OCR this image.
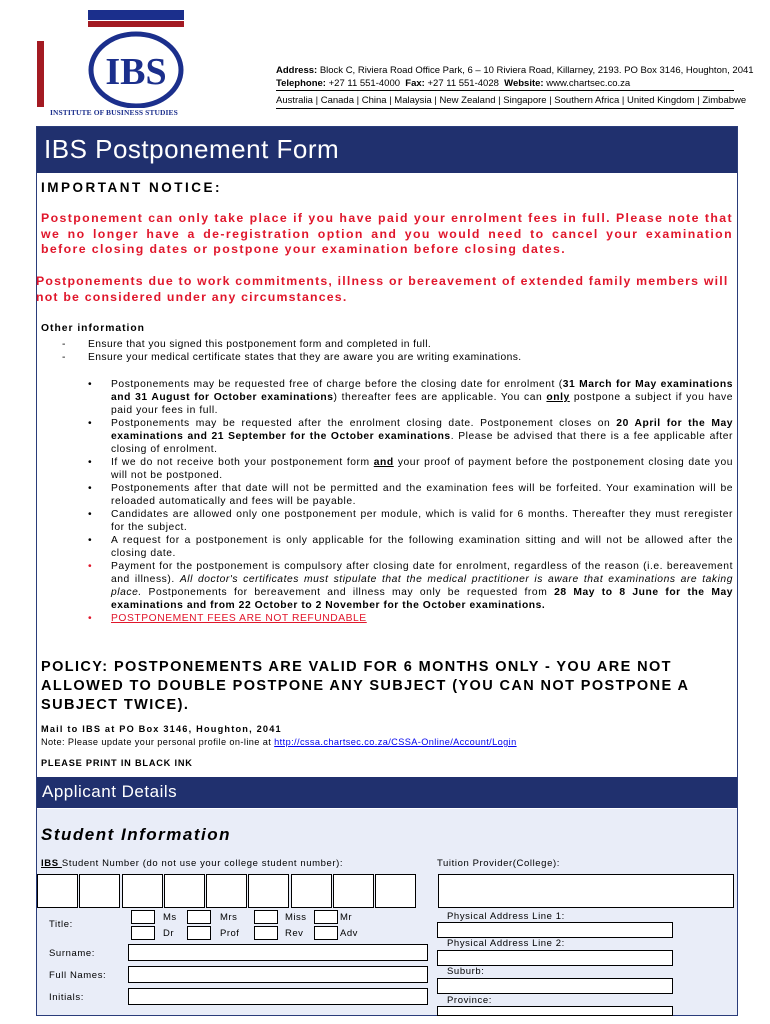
IBS
INSTITUTE OF BUSINESS STUDIES
Address: Block C, Riviera Road Office Park, 6 – 10 Riviera Road, Killarney, 2193. PO Box 3146, Houghton, 2041
Telephone: +27 11 551-4000 Fax: +27 11 551-4028 Website: www.chartsec.co.za
Australia | Canada | China | Malaysia | New Zealand | Singapore | Southern Africa | United Kingdom | Zimbabwe
IBS Postponement Form
IMPORTANT NOTICE:
Postponement can only take place if you have paid your enrolment fees in full. Please note that we no longer have a de-registration option and you would need to cancel your examination before closing dates or postpone your examination before closing dates.
Postponements due to work commitments, illness or bereavement of extended family members will not be considered under any circumstances.
Other information
- Ensure that you signed this postponement form and completed in full.
- Ensure your medical certificate states that they are aware you are writing examinations.
• Postponements may be requested free of charge before the closing date for enrolment (31 March for May examinations and 31 August for October examinations) thereafter fees are applicable. You can only postpone a subject if you have paid your fees in full.
• Postponements may be requested after the enrolment closing date. Postponement closes on 20 April for the May examinations and 21 September for the October examinations. Please be advised that there is a fee applicable after closing of enrolment.
• If we do not receive both your postponement form and your proof of payment before the postponement closing date you will not be postponed.
• Postponements after that date will not be permitted and the examination fees will be forfeited. Your examination will be reloaded automatically and fees will be payable.
• Candidates are allowed only one postponement per module, which is valid for 6 months. Thereafter they must reregister for the subject.
• A request for a postponement is only applicable for the following examination sitting and will not be allowed after the closing date.
• Payment for the postponement is compulsory after closing date for enrolment, regardless of the reason (i.e. bereavement and illness). All doctor's certificates must stipulate that the medical practitioner is aware that examinations are taking place. Postponements for bereavement and illness may only be requested from 28 May to 8 June for the May examinations and from 22 October to 2 November for the October examinations.
• POSTPONEMENT FEES ARE NOT REFUNDABLE
POLICY: POSTPONEMENTS ARE VALID FOR 6 MONTHS ONLY - YOU ARE NOT ALLOWED TO DOUBLE POSTPONE ANY SUBJECT (YOU CAN NOT POSTPONE A SUBJECT TWICE).
Mail to IBS at PO Box 3146, Houghton, 2041
Note: Please update your personal profile on-line at http://cssa.chartsec.co.za/CSSA-Online/Account/Login
PLEASE PRINT IN BLACK INK
Applicant Details
Student Information
IBS Student Number (do not use your college student number):	Tuition Provider(College):
Title:
Ms	Mrs	Miss	Mr
Dr	Prof	Rev	Adv
Surname:
Full Names:
Initials:
Physical Address Line 1:
Physical Address Line 2:
Suburb:
Province:
